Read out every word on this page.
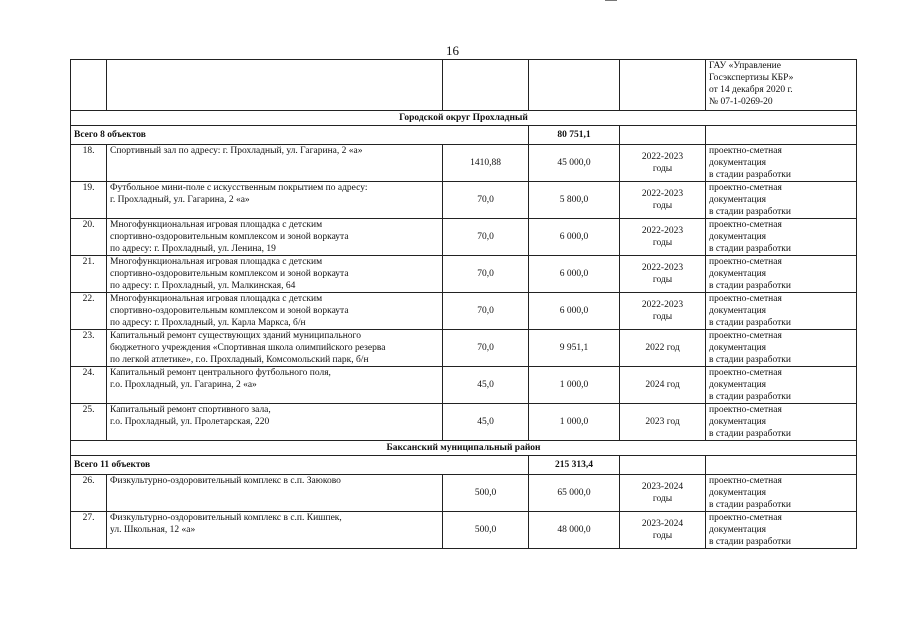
16
					ГАУ «Управление
Госэкспертизы КБР»
от 14 декабря 2020 г.
№ 07-1-0269-20
Городской округ Прохладный					
Всего 8 объектов			80 751,1		
18.	Спортивный зал по адресу: г. Прохладный, ул. Гагарина, 2 «а»	1410,88	45 000,0	2022-2023
годы	проектно-сметная
документация
в стадии разработки
19.	Футбольное мини-поле с искусственным покрытием по адресу:
г. Прохладный, ул. Гагарина, 2 «а»	70,0	5 800,0	2022-2023
годы	проектно-сметная
документация
в стадии разработки
20.	Многофункциональная игровая площадка с детским
спортивно-оздоровительным комплексом и зоной воркаута
по адресу: г. Прохладный, ул. Ленина, 19	70,0	6 000,0	2022-2023
годы	проектно-сметная
документация
в стадии разработки
21.	Многофункциональная игровая площадка с детским
спортивно-оздоровительным комплексом и зоной воркаута
по адресу: г. Прохладный, ул. Малкинская, 64	70,0	6 000,0	2022-2023
годы	проектно-сметная
документация
в стадии разработки
22.	Многофункциональная игровая площадка с детским
спортивно-оздоровительным комплексом и зоной воркаута
по адресу: г. Прохладный, ул. Карла Маркса, б/н	70,0	6 000,0	2022-2023
годы	проектно-сметная
документация
в стадии разработки
23.	Капитальный ремонт существующих зданий муниципального
бюджетного учреждения «Спортивная школа олимпийского резерва
по легкой атлетике», г.о. Прохладный, Комсомольский парк, б/н	70,0	9 951,1	2022 год	проектно-сметная
документация
в стадии разработки
24.	Капитальный ремонт центрального футбольного поля,
г.о. Прохладный, ул. Гагарина, 2 «а»	45,0	1 000,0	2024 год	проектно-сметная
документация
в стадии разработки
25.	Капитальный ремонт спортивного зала,
г.о. Прохладный, ул. Пролетарская, 220	45,0	1 000,0	2023 год	проектно-сметная
документация
в стадии разработки
Баксанский муниципальный район					
Всего 11 объектов			215 313,4		
26.	Физкультурно-оздоровительный комплекс в с.п. Заюково	500,0	65 000,0	2023-2024
годы	проектно-сметная
документация
в стадии разработки
27.	Физкультурно-оздоровительный комплекс в с.п. Кишпек,
ул. Школьная, 12 «а»	500,0	48 000,0	2023-2024
годы	проектно-сметная
документация
в стадии разработки
